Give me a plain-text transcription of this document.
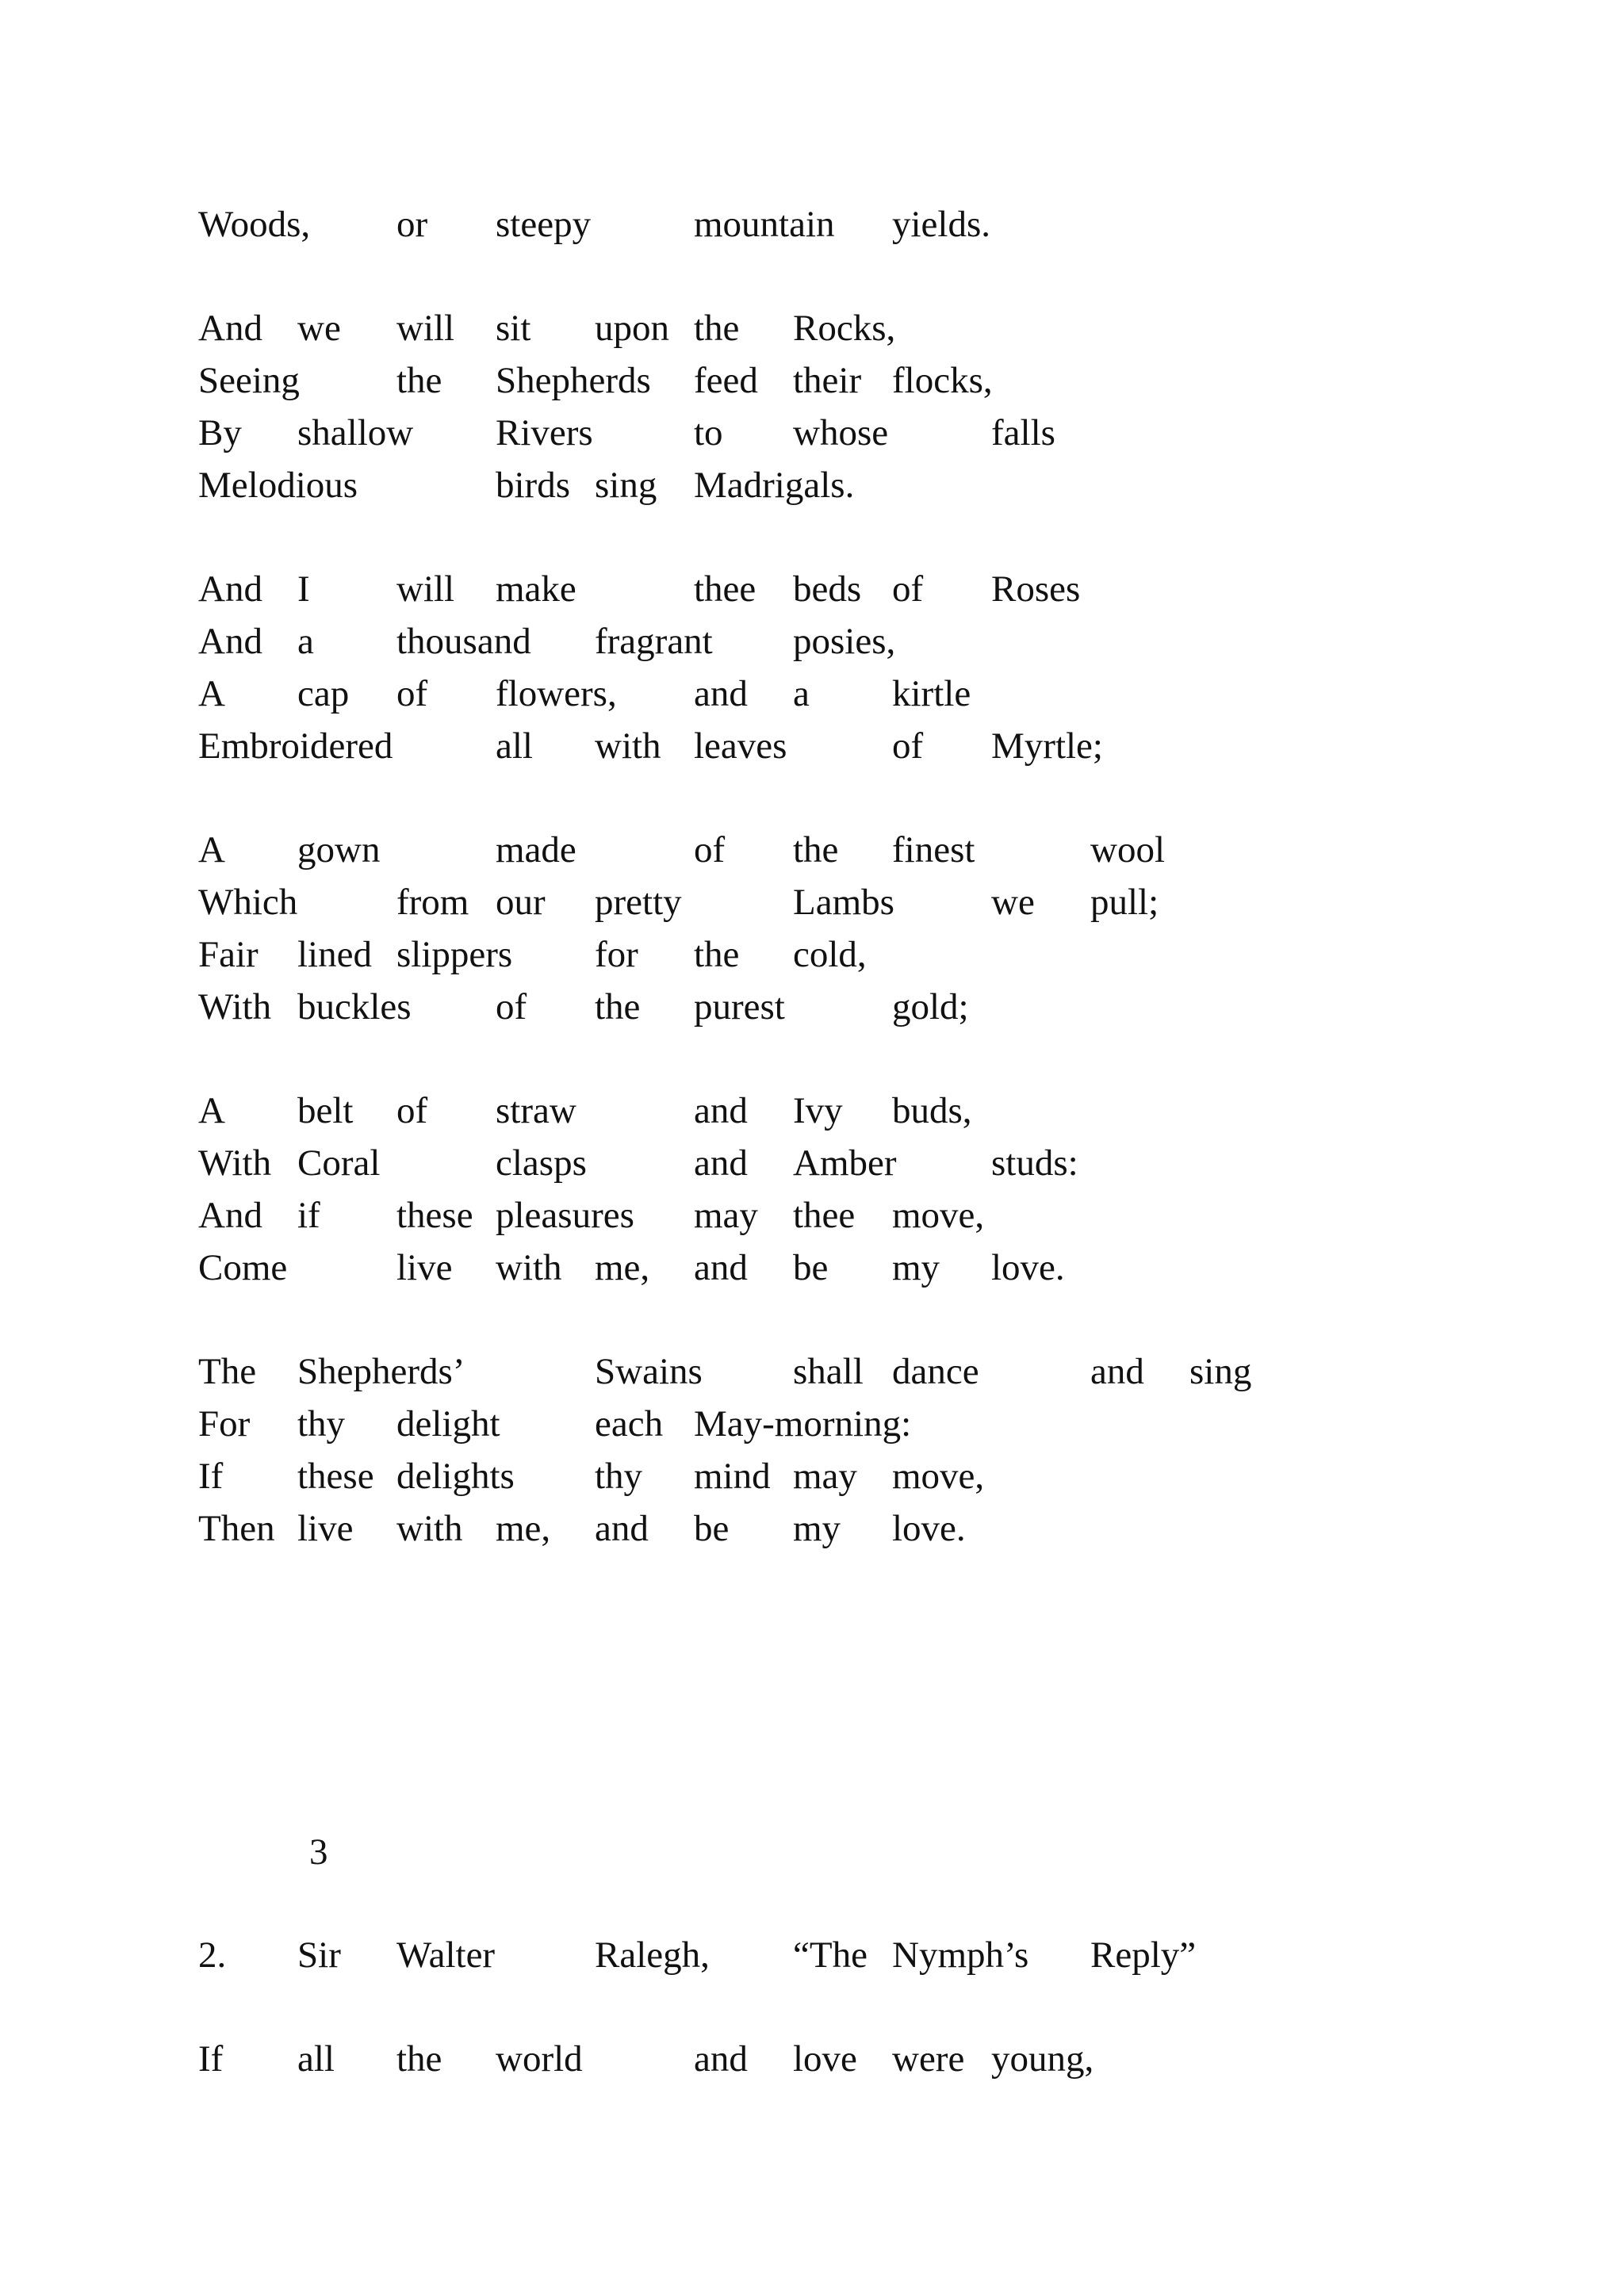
Woods, or steepy	mountain yields.
And we will sit upon the Rocks,
Seeing	the Shepherds feed their flocks,
By shallow Rivers	to whose	falls
Melodious	birds sing Madrigals.
And I will make	thee beds of Roses
And a thousand fragrant posies,
A cap of flowers, and a kirtle
Embroidered	all with leaves	of Myrtle;
A gown	made	of the finest	wool
Which	from our pretty	Lambs	we pull;
Fair lined slippers for the cold,
With buckles of the purest	gold;
A belt of straw	and Ivy buds,
With Coral	clasps	and Amber	studs:
And if these pleasures may thee move,
Come	live with me, and be my love.
The Shepherds’	Swains shall dance	and sing
For thy delight	each May-morning:
If these delights thy mind may move,
Then live with me, and be my love.
3
2. Sir Walter	Ralegh, “The Nymph’s Reply”
If all the world	and love were young,
